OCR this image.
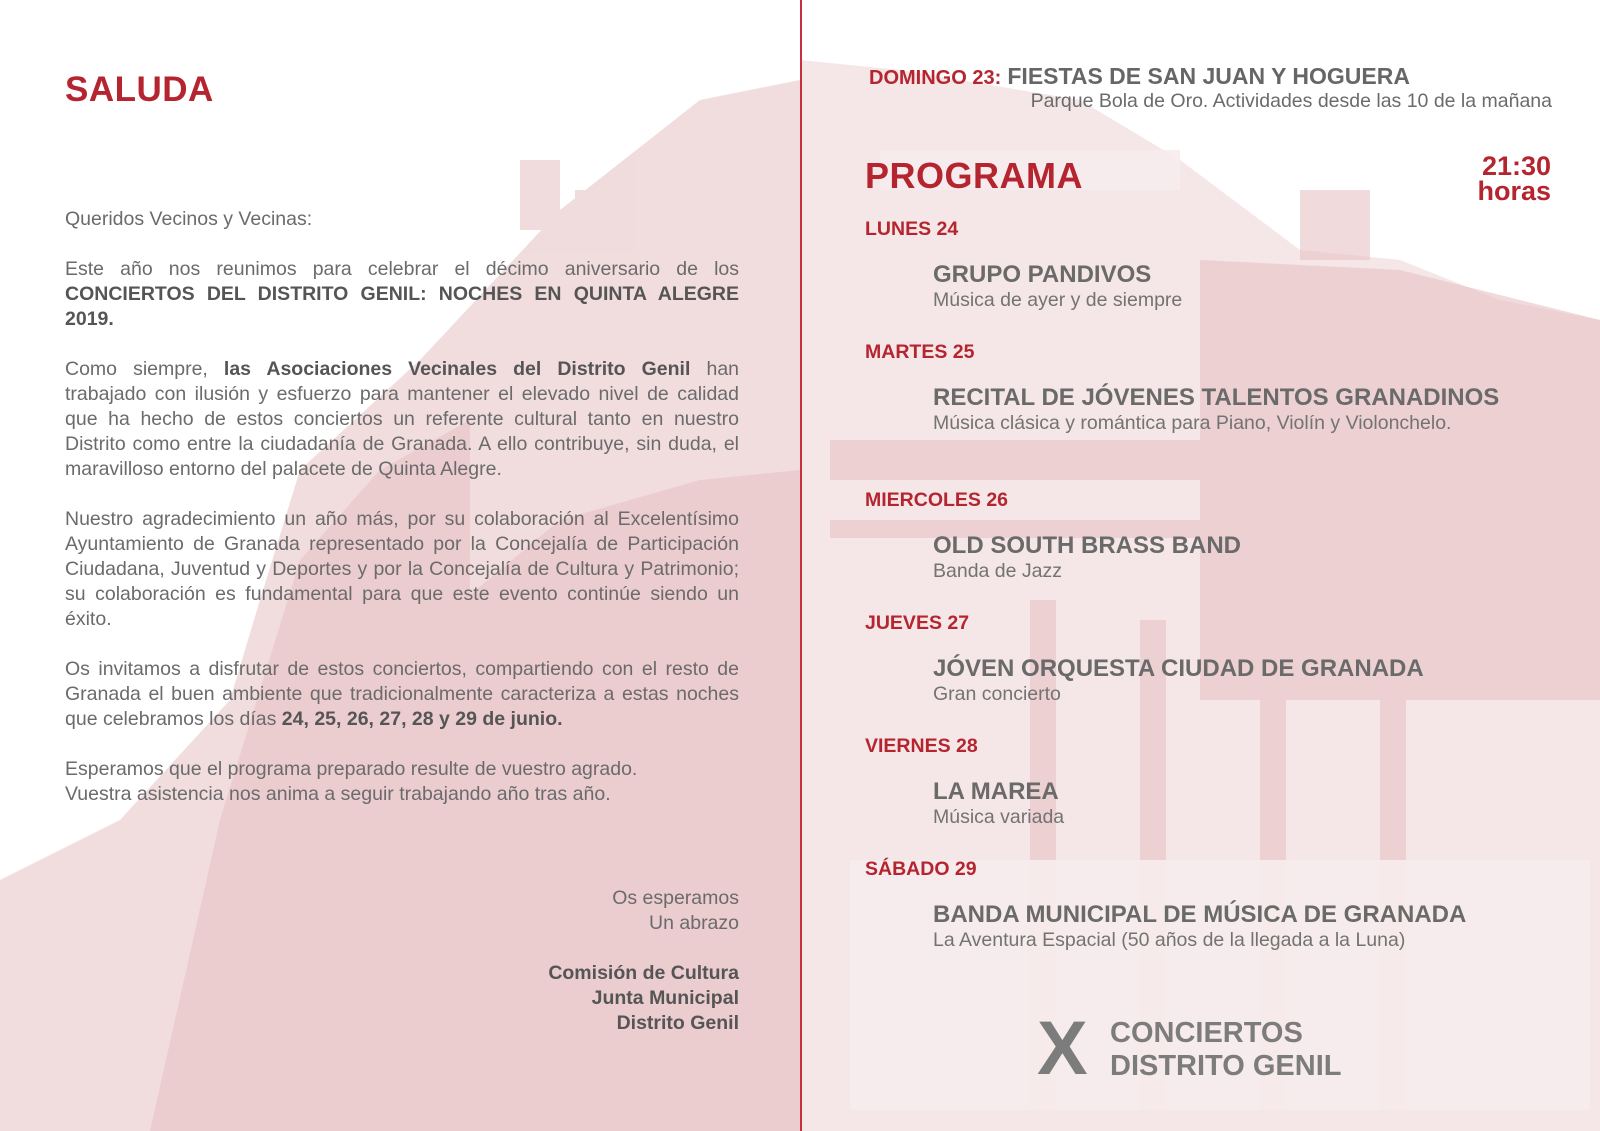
SALUDA

Queridos Vecinos y Vecinas:

Este año nos reunimos para celebrar el décimo aniversario de los CONCIERTOS DEL DISTRITO GENIL: NOCHES EN QUINTA ALEGRE 2019.

Como siempre, las Asociaciones Vecinales del Distrito Genil han trabajado con ilusión y esfuerzo para mantener el elevado nivel de calidad que ha hecho de estos conciertos un referente cultural tanto en nuestro Distrito como entre la ciudadanía de Granada. A ello contribuye, sin duda, el maravilloso entorno del palacete de Quinta Alegre.

Nuestro agradecimiento un año más, por su colaboración al Excelentísimo Ayuntamiento de Granada representado por la Concejalía de Participación Ciudadana, Juventud y Deportes y por la Concejalía de Cultura y Patrimonio; su colaboración es fundamental para que este evento continúe siendo un éxito.

Os invitamos a disfrutar de estos conciertos, compartiendo con el resto de Granada el buen ambiente que tradicionalmente caracteriza a estas noches que celebramos los días 24, 25, 26, 27, 28 y 29 de junio.

Esperamos que el programa preparado resulte de vuestro agrado.
Vuestra asistencia nos anima a seguir trabajando año tras año.

Os esperamos
Un abrazo
Comisión de Cultura
Junta Municipal
Distrito Genil
DOMINGO 23: FIESTAS DE SAN JUAN Y HOGUERA
Parque Bola de Oro. Actividades desde las 10 de la mañana
PROGRAMA	21:30
horas

LUNES 24

GRUPO PANDIVOS

Música de ayer y de siempre

MARTES 25

RECITAL DE JÓVENES TALENTOS GRANADINOS

Música clásica y romántica para Piano, Violín y Violonchelo.

MIERCOLES 26

OLD SOUTH BRASS BAND

Banda de Jazz

JUEVES 27

JÓVEN ORQUESTA CIUDAD DE GRANADA

Gran concierto

VIERNES 28

LA MAREA

Música variada

SÁBADO 29

BANDA MUNICIPAL DE MÚSICA DE GRANADA

La Aventura Espacial (50 años de la llegada a la Luna)

X CONCIERTOS
DISTRITO GENIL
